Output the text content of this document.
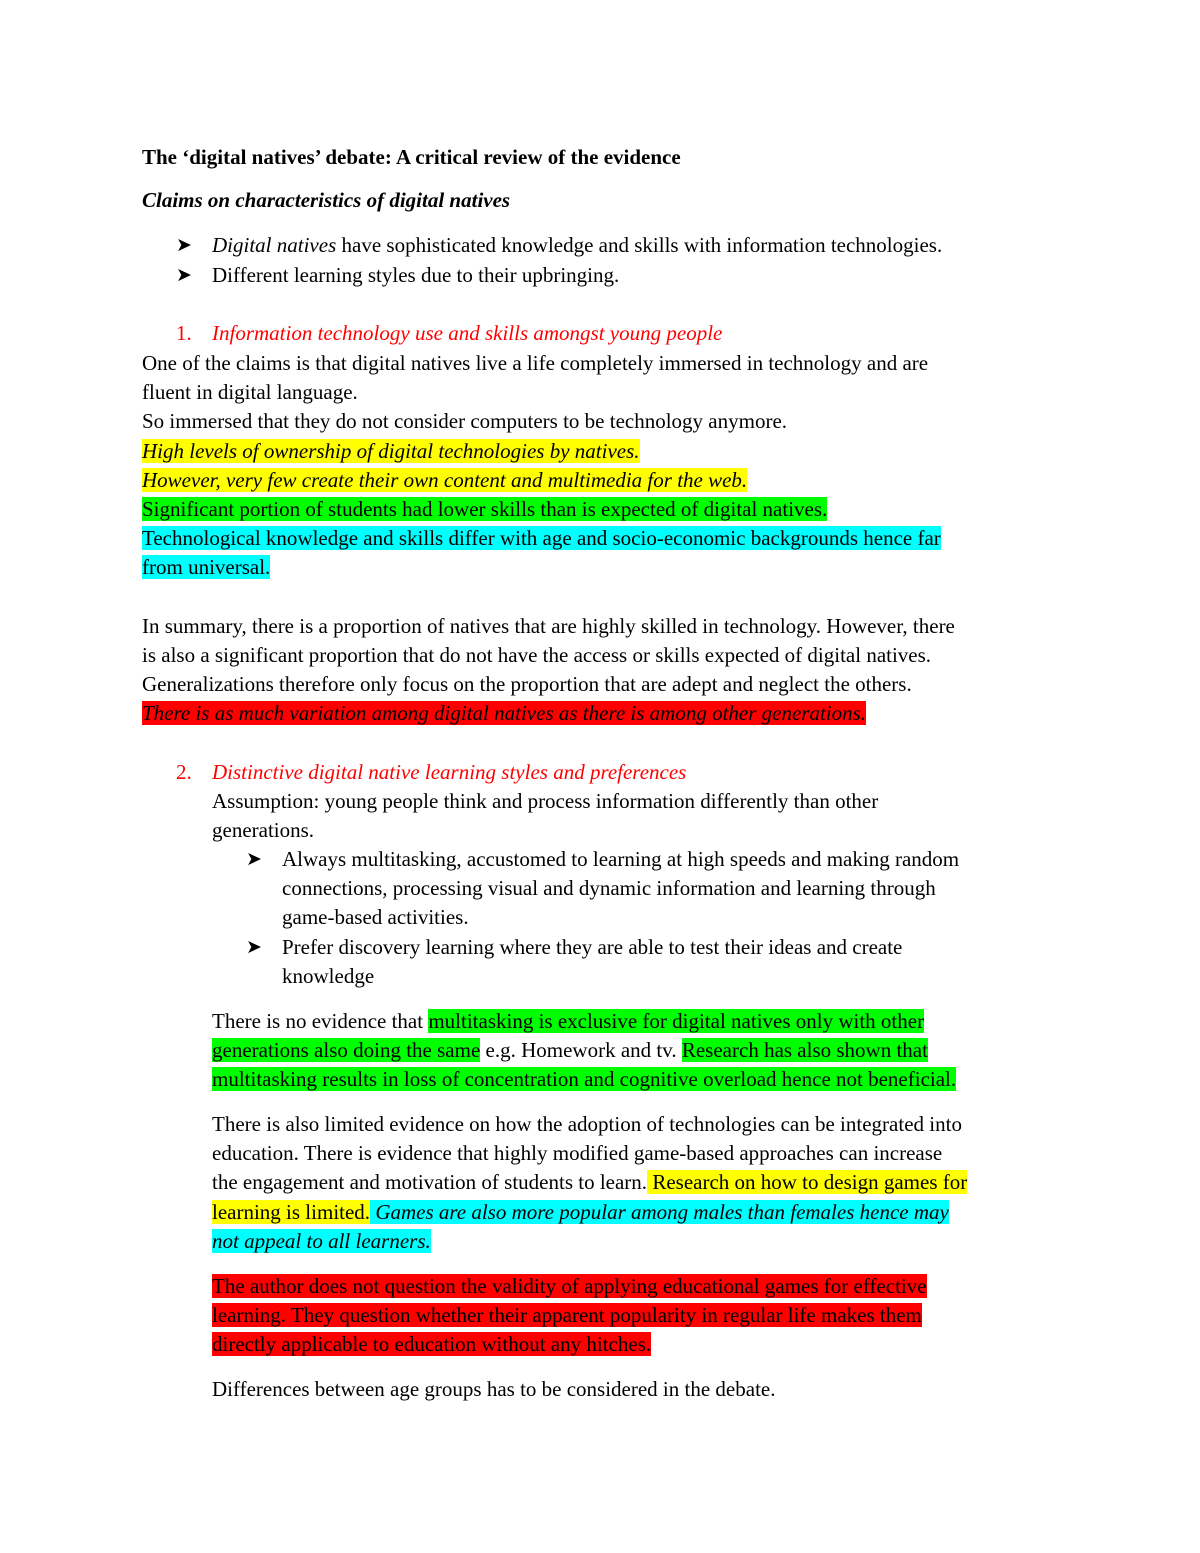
The ‘digital natives’ debate: A critical review of the evidence
Claims on characteristics of digital natives
➤ Digital natives have sophisticated knowledge and skills with information technologies.
➤ Different learning styles due to their upbringing.
1. Information technology use and skills amongst young people
One of the claims is that digital natives live a life completely immersed in technology and are
fluent in digital language.
So immersed that they do not consider computers to be technology anymore.
High levels of ownership of digital technologies by natives.
However, very few create their own content and multimedia for the web.
Significant portion of students had lower skills than is expected of digital natives.
Technological knowledge and skills differ with age and socio-economic backgrounds hence far
from universal.
In summary, there is a proportion of natives that are highly skilled in technology. However, there
is also a significant proportion that do not have the access or skills expected of digital natives.
Generalizations therefore only focus on the proportion that are adept and neglect the others.
There is as much variation among digital natives as there is among other generations.
2. Distinctive digital native learning styles and preferences
Assumption: young people think and process information differently than other
generations.
➤ Always multitasking, accustomed to learning at high speeds and making random
connections, processing visual and dynamic information and learning through
game-based activities.
➤ Prefer discovery learning where they are able to test their ideas and create
knowledge
There is no evidence that multitasking is exclusive for digital natives only with other
generations also doing the same e.g. Homework and tv. Research has also shown that
multitasking results in loss of concentration and cognitive overload hence not beneficial.
There is also limited evidence on how the adoption of technologies can be integrated into
education. There is evidence that highly modified game-based approaches can increase
the engagement and motivation of students to learn. Research on how to design games for
learning is limited. Games are also more popular among males than females hence may
not appeal to all learners.
The author does not question the validity of applying educational games for effective
learning. They question whether their apparent popularity in regular life makes them
directly applicable to education without any hitches.
Differences between age groups has to be considered in the debate.
